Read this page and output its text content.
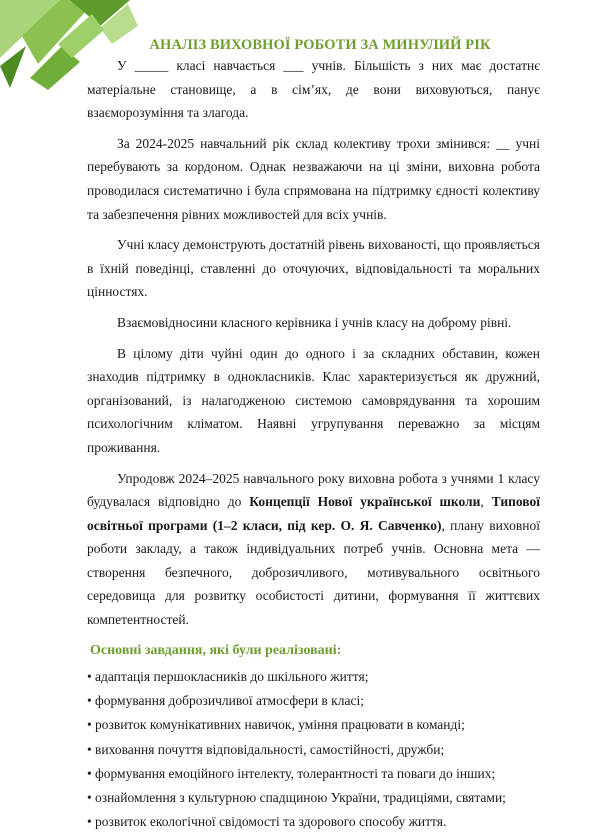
АНАЛІЗ ВИХОВНОЇ РОБОТИ ЗА МИНУЛИЙ РІК

У _____ класі навчається ___ учнів. Більшість з них має достатнє матеріальне становище, а в сім’ях, де вони виховуються, панує взаєморозуміння та злагода.

За 2024-2025 навчальний рік склад колективу трохи змінився: __ учні перебувають за кордоном. Однак незважаючи на ці зміни, виховна робота проводилася систематично і була спрямована на підтримку єдності колективу та забезпечення рівних можливостей для всіх учнів.

Учні класу демонструють достатній рівень вихованості, що проявляється в їхній поведінці, ставленні до оточуючих, відповідальності та моральних цінностях.

Взаємовідносини класного керівника і учнів класу на доброму рівні.

В цілому діти чуйні один до одного і за складних обставин, кожен знаходив підтримку в однокласників. Клас характеризується як дружний, організований, із налагодженою системою самоврядування та хорошим психологічним кліматом. Наявні угрупування переважно за місцям проживання.

Упродовж 2024–2025 навчального року виховна робота з учнями 1 класу будувалася відповідно до Концепції Нової української школи, Типової освітньої програми (1–2 класи, під кер. О. Я. Савченко), плану виховної роботи закладу, а також індивідуальних потреб учнів. Основна мета — створення безпечного, доброзичливого, мотивувального освітнього середовища для розвитку особистості дитини, формування її життєвих компетентностей.

Основні завдання, які були реалізовані:
• адаптація першокласників до шкільного життя;
• формування доброзичливої атмосфери в класі;
• розвиток комунікативних навичок, уміння працювати в команді;
• виховання почуття відповідальності, самостійності, дружби;
• формування емоційного інтелекту, толерантності та поваги до інших;
• ознайомлення з культурною спадщиною України, традиціями, святами;
• розвиток екологічної свідомості та здорового способу життя.
